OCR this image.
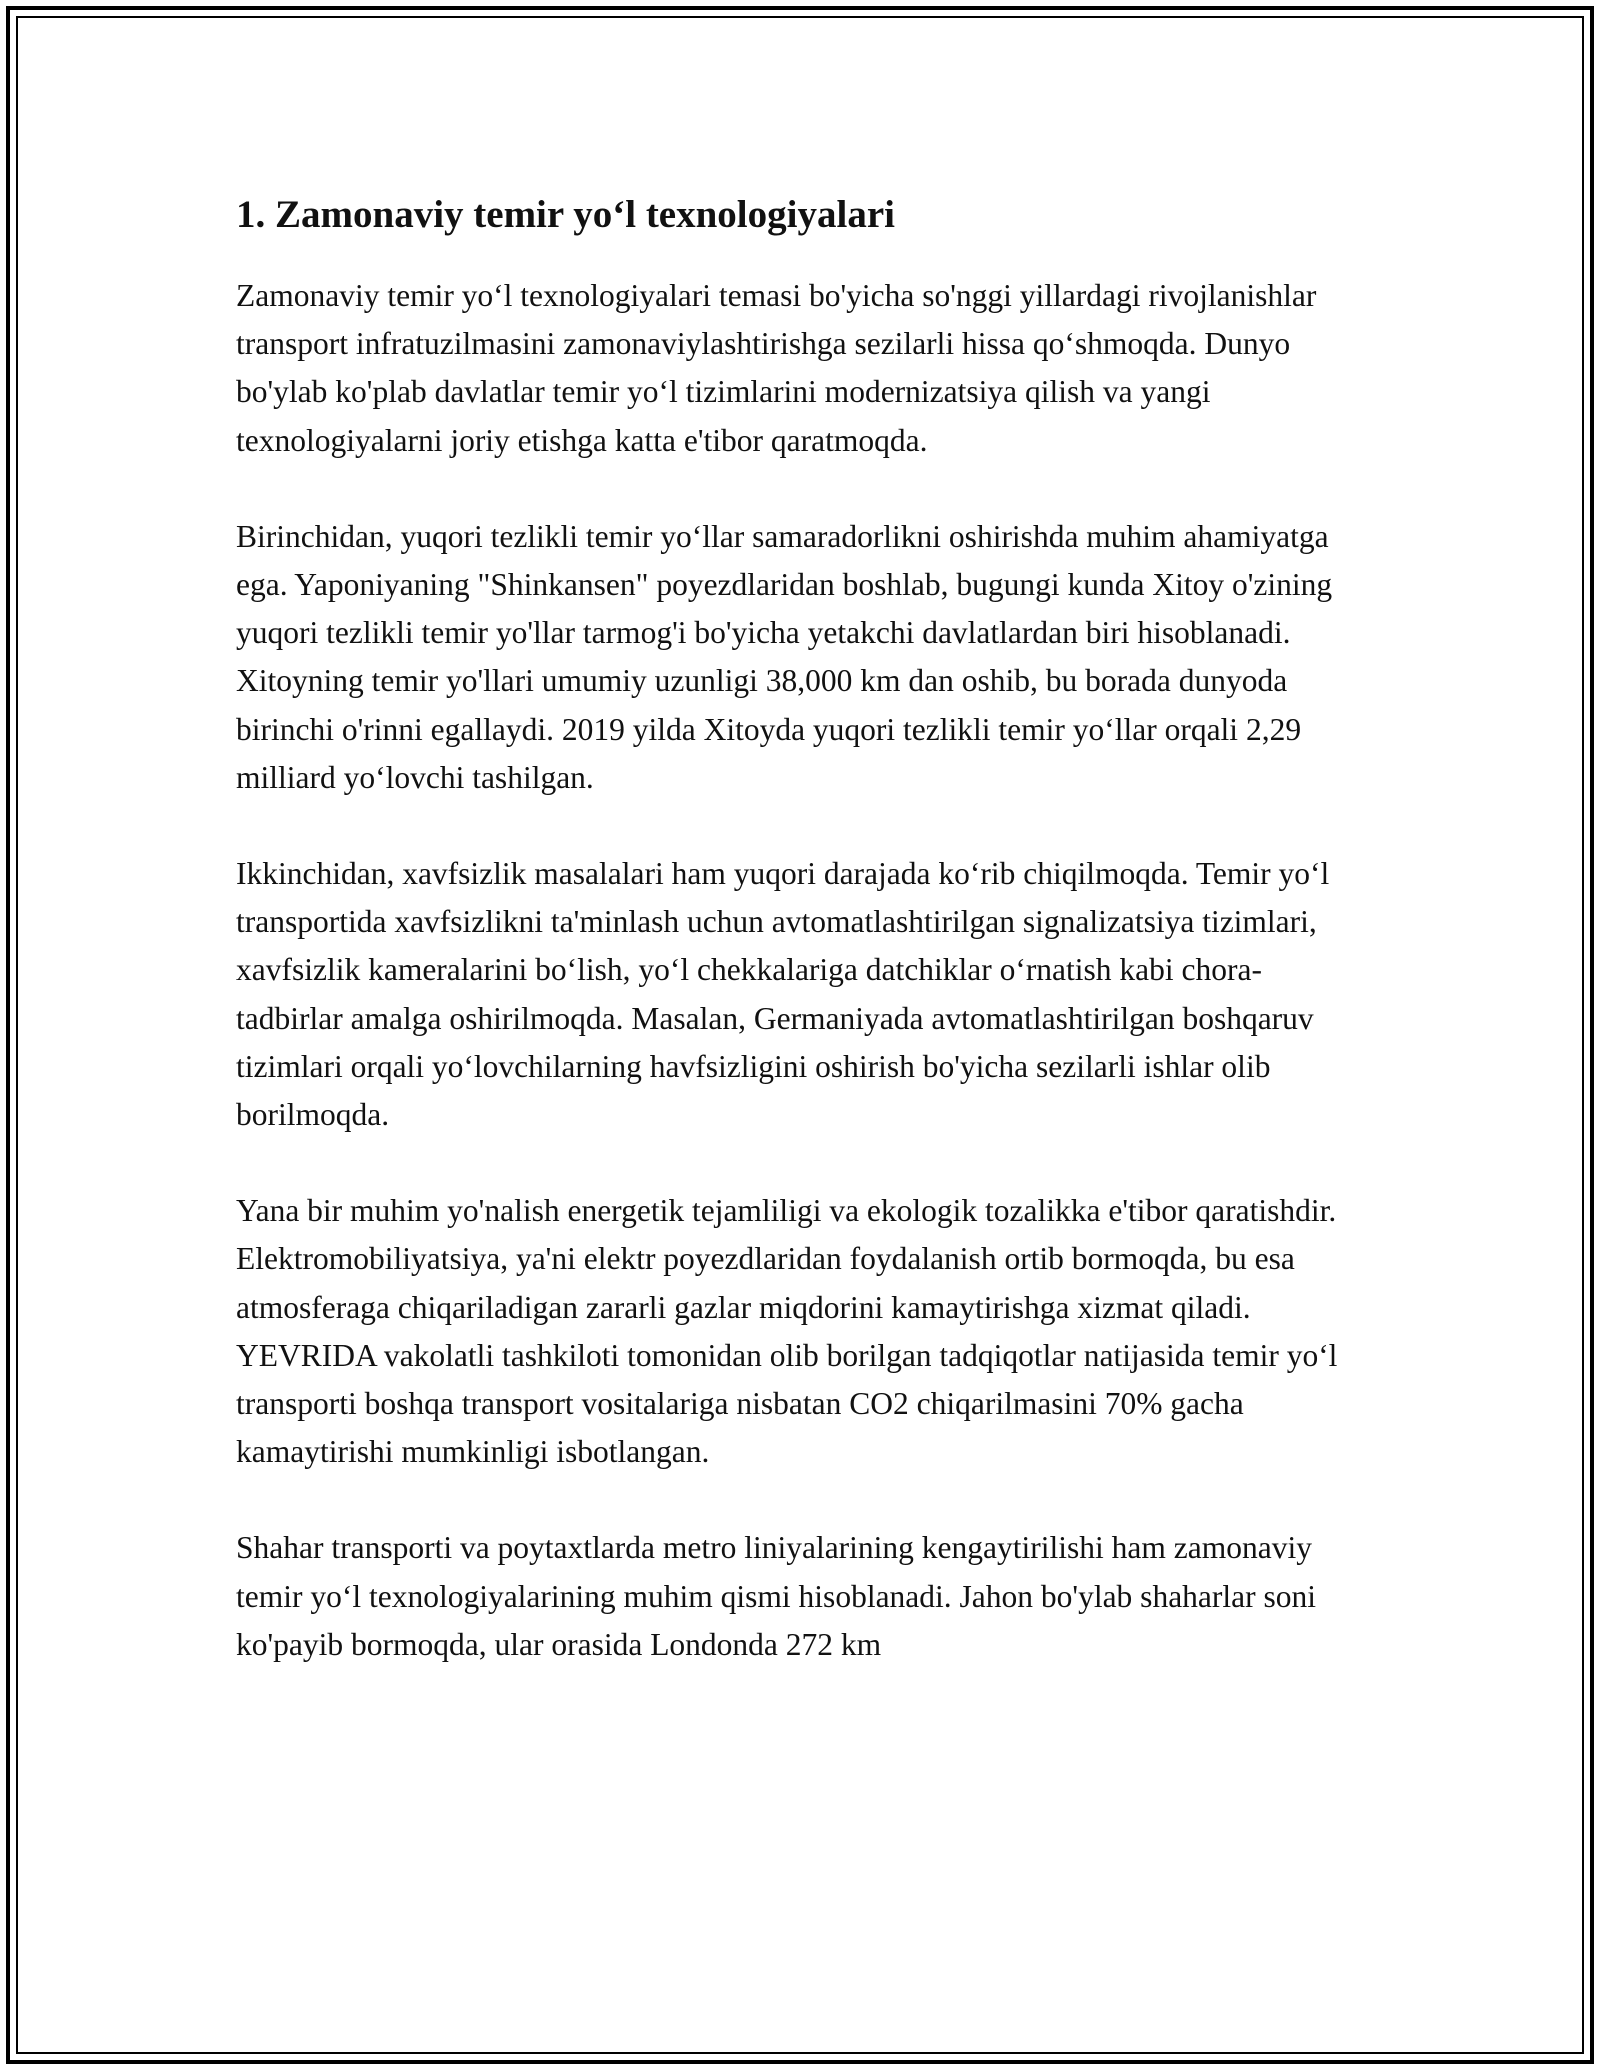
1. Zamonaviy temir yo‘l texnologiyalari

Zamonaviy temir yo‘l texnologiyalari temasi bo'yicha so'nggi yillardagi rivojlanishlar transport infratuzilmasini zamonaviylashtirishga sezilarli hissa qo‘shmoqda. Dunyo bo'ylab ko'plab davlatlar temir yo‘l tizimlarini modernizatsiya qilish va yangi texnologiyalarni joriy etishga katta e'tibor qaratmoqda.

Birinchidan, yuqori tezlikli temir yo‘llar samaradorlikni oshirishda muhim ahamiyatga ega. Yaponiyaning "Shinkansen" poyezdlaridan boshlab, bugungi kunda Xitoy o'zining yuqori tezlikli temir yo'llar tarmog'i bo'yicha yetakchi davlatlardan biri hisoblanadi. Xitoyning temir yo'llari umumiy uzunligi 38,000 km dan oshib, bu borada dunyoda birinchi o'rinni egallaydi. 2019 yilda Xitoyda yuqori tezlikli temir yo‘llar orqali 2,29 milliard yo‘lovchi tashilgan.

Ikkinchidan, xavfsizlik masalalari ham yuqori darajada ko‘rib chiqilmoqda. Temir yo‘l transportida xavfsizlikni ta'minlash uchun avtomatlashtirilgan signalizatsiya tizimlari, xavfsizlik kameralarini bo‘lish, yo‘l chekkalariga datchiklar o‘rnatish kabi chora-tadbirlar amalga oshirilmoqda. Masalan, Germaniyada avtomatlashtirilgan boshqaruv tizimlari orqali yo‘lovchilarning havfsizligini oshirish bo'yicha sezilarli ishlar olib borilmoqda.

Yana bir muhim yo'nalish energetik tejamliligi va ekologik tozalikka e'tibor qaratishdir. Elektromobiliyatsiya, ya'ni elektr poyezdlaridan foydalanish ortib bormoqda, bu esa atmosferaga chiqariladigan zararli gazlar miqdorini kamaytirishga xizmat qiladi. YEVRIDA vakolatli tashkiloti tomonidan olib borilgan tadqiqotlar natijasida temir yo‘l transporti boshqa transport vositalariga nisbatan CO2 chiqarilmasini 70% gacha kamaytirishi mumkinligi isbotlangan.

Shahar transporti va poytaxtlarda metro liniyalarining kengaytirilishi ham zamonaviy temir yo‘l texnologiyalarining muhim qismi hisoblanadi. Jahon bo'ylab shaharlar soni ko'payib bormoqda, ular orasida Londonda 272 km
